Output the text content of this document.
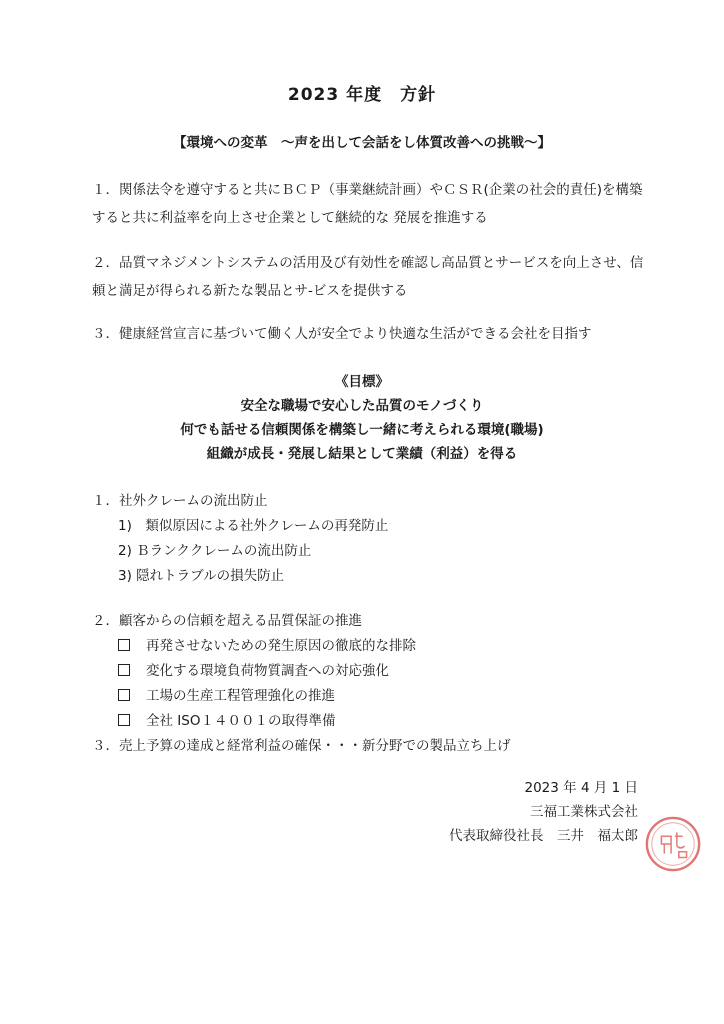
2023 年度　方針
【環境への変革　～声を出して会話をし体質改善への挑戦～】
１．関係法令を遵守すると共にＢＣＰ（事業継続計画）やＣＳＲ(企業の社会的責任)を構築すると共に利益率を向上させ企業として継続的な 発展を推進する
２．品質マネジメントシステムの活用及び有効性を確認し高品質とサービスを向上させ、信頼と満足が得られる新たな製品とサ-ビスを提供する
３．健康経営宣言に基づいて働く人が安全でより快適な生活ができる会社を目指す
《目標》
安全な職場で安心した品質のモノづくり
何でも話せる信頼関係を構築し一緒に考えられる環境(職場)
組織が成長・発展し結果として業績（利益）を得る
１．社外クレームの流出防止
1)　類似原因による社外クレームの再発防止
2) Ｂランククレームの流出防止
3) 隠れトラブルの損失防止
２．顧客からの信頼を超える品質保証の推進
再発させないための発生原因の徹底的な排除
変化する環境負荷物質調査への対応強化
工場の生産工程管理強化の推進
全社 ISO１４００１の取得準備
３．売上予算の達成と経常利益の確保・・・新分野での製品立ち上げ
2023 年 4 月 1 日
三福工業株式会社
代表取締役社長　三井　福太郎
